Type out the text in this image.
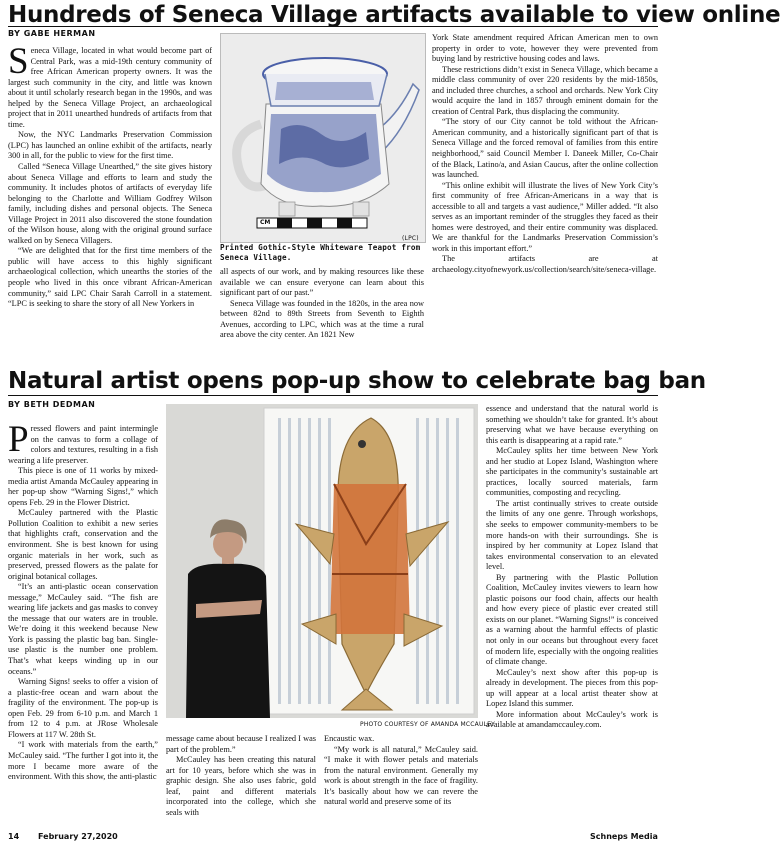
Hundreds of Seneca Village artifacts available to view online
BY GABE HERMAN

Seneca Village, located in what would become part of Central Park, was a mid-19th century community of free African American property owners. It was the largest such community in the city, and little was known about it until scholarly research began in the 1990s, and was helped by the Seneca Village Project, an archaeological project that in 2011 unearthed hundreds of artifacts from that time.

Now, the NYC Landmarks Preservation Commission (LPC) has launched an online exhibit of the artifacts, nearly 300 in all, for the public to view for the first time.

Called “Seneca Village Unearthed,” the site gives history about Seneca Village and efforts to learn and study the community. It includes photos of artifacts of everyday life belonging to the Charlotte and William Godfrey Wilson family, including dishes and personal objects. The Seneca Village Project in 2011 also discovered the stone foundation of the Wilson house, along with the original ground surface walked on by Seneca Villagers.

“We are delighted that for the first time members of the public will have access to this highly significant archaeological collection, which unearths the stories of the people who lived in this once vibrant African-American community,” said LPC Chair Sarah Carroll in a statement. “LPC is seeking to share the story of all New Yorkers in

CM
(LPC)
Printed Gothic-Style Whiteware Teapot from Seneca Village.

all aspects of our work, and by making resources like these available we can ensure everyone can learn about this significant part of our past.”

Seneca Village was founded in the 1820s, in the area now between 82nd to 89th Streets from Seventh to Eighth Avenues, according to LPC, which was at the time a rural area above the city center. An 1821 New

York State amendment required African American men to own property in order to vote, however they were prevented from buying land by restrictive housing codes and laws.

These restrictions didn’t exist in Seneca Village, which became a middle class community of over 220 residents by the mid-1850s, and included three churches, a school and orchards. New York City would acquire the land in 1857 through eminent domain for the creation of Central Park, thus displacing the community.

“The story of our City cannot be told without the African-American community, and a historically significant part of that is Seneca Village and the forced removal of families from this entire neighborhood,” said Council Member I. Daneek Miller, Co-Chair of the Black, Latino/a, and Asian Caucus, after the online collection was launched.

“This online exhibit will illustrate the lives of New York City’s first community of free African-Americans in a way that is accessible to all and targets a vast audience,” Miller added. “It also serves as an important reminder of the struggles they faced as their homes were destroyed, and their entire community was displaced. We are thankful for the Landmarks Preservation Commission’s work in this important effort.”

The artifacts are at archaeology.cityofnewyork.us/collection/search/site/seneca-village.

Natural artist opens pop-up show to celebrate bag ban
BY BETH DEDMAN

Pressed flowers and paint intermingle on the canvas to form a collage of colors and textures, resulting in a fish wearing a life preserver.

This piece is one of 11 works by mixed-media artist Amanda McCauley appearing in her pop-up show “Warning Signs!,” which opens Feb. 29 in the Flower District.

McCauley partnered with the Plastic Pollution Coalition to exhibit a new series that highlights craft, conservation and the environment. She is best known for using organic materials in her work, such as preserved, pressed flowers as the palate for original botanical collages.

“It’s an anti-plastic ocean conservation message,” McCauley said. “The fish are wearing life jackets and gas masks to convey the message that our waters are in trouble. We’re doing it this weekend because New York is passing the plastic bag ban. Single-use plastic is the number one problem. That’s what keeps winding up in our oceans.”

Warning Signs! seeks to offer a vision of a plastic-free ocean and warn about the fragility of the environment. The pop-up is open Feb. 29 from 6-10 p.m. and March 1 from 12 to 4 p.m. at JRose Wholesale Flowers at 117 W. 28th St.

“I work with materials from the earth,” McCauley said. “The further I got into it, the more I became more aware of the environment. With this show, the anti-plastic

PHOTO COURTESY OF AMANDA MCCAULEY

message came about because I realized I was part of the problem.”

McCauley has been creating this natural art for 10 years, before which she was in graphic design. She also uses fabric, gold leaf, paint and different materials incorporated into the college, which she seals with

Encaustic wax.

“My work is all natural,” McCauley said. “I make it with flower petals and materials from the natural environment. Generally my work is about strength in the face of fragility. It’s basically about how we can revere the natural world and preserve some of its

essence and understand that the natural world is something we shouldn’t take for granted. It’s about preserving what we have because everything on this earth is disappearing at a rapid rate.”

McCauley splits her time between New York and her studio at Lopez Island, Washington where she participates in the community’s sustainable art practices, locally sourced materials, farm communities, composting and recycling.

The artist continually strives to create outside the limits of any one genre. Through workshops, she seeks to empower community-members to be more hands-on with their surroundings. She is inspired by her community at Lopez Island that takes environmental conservation to an elevated level.

By partnering with the Plastic Pollution Coalition, McCauley invites viewers to learn how plastic poisons our food chain, affects our health and how every piece of plastic ever created still exists on our planet. “Warning Signs!” is conceived as a warning about the harmful effects of plastic not only in our oceans but throughout every facet of modern life, especially with the ongoing realities of climate change.

McCauley’s next show after this pop-up is already in development. The pieces from this pop-up will appear at a local artist theater show at Lopez Island this summer.

More information about McCauley’s work is available at amandamccauley.com.

14 February 27,2020	Schneps Media
